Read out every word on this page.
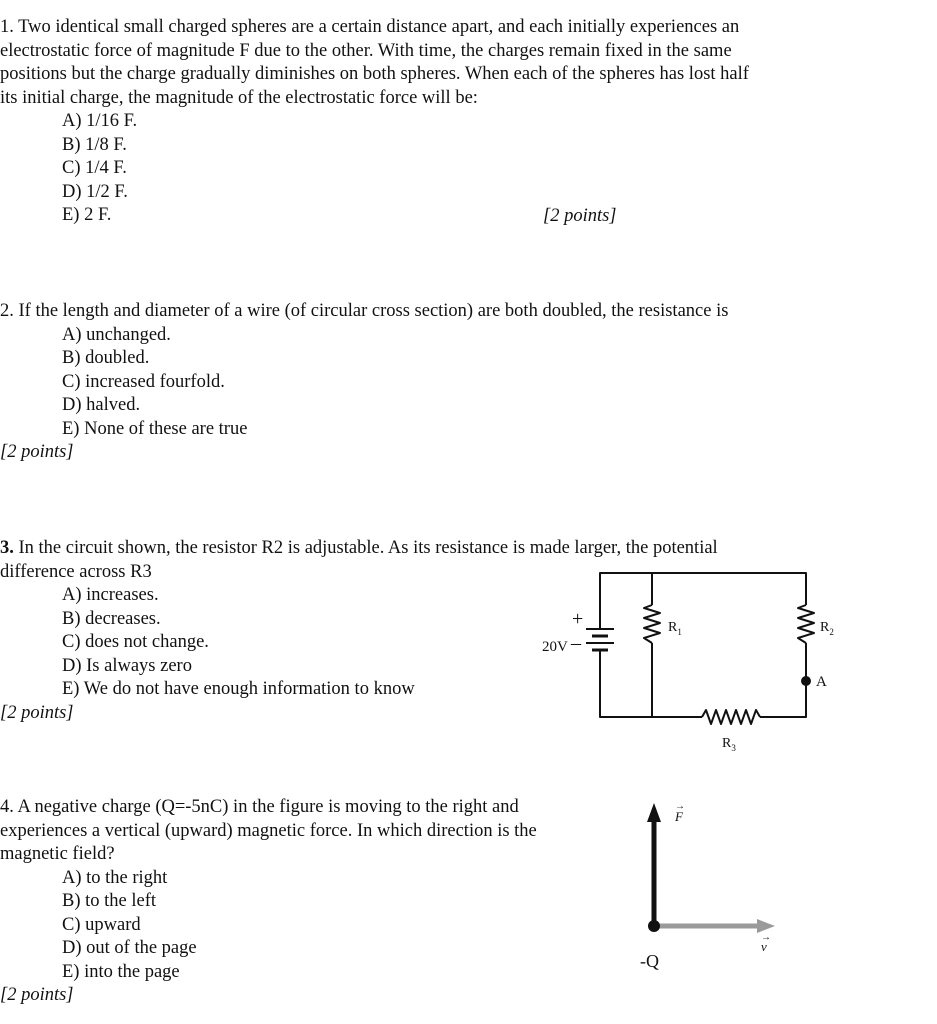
1. Two identical small charged spheres are a certain distance apart, and each initially experiences an
electrostatic force of magnitude F due to the other. With time, the charges remain fixed in the same
positions but the charge gradually diminishes on both spheres. When each of the spheres has lost half
its initial charge, the magnitude of the electrostatic force will be:
A) 1/16 F.
B) 1/8 F.
C) 1/4 F.
D) 1/2 F.
E) 2 F.	[2 points]
2. If the length and diameter of a wire (of circular cross section) are both doubled, the resistance is
A) unchanged.
B) doubled.
C) increased fourfold.
D) halved.
E) None of these are true
[2 points]
3. In the circuit shown, the resistor R2 is adjustable. As its resistance is made larger, the potential
difference across R3
A) increases.
B) decreases.
C) does not change.
D) Is always zero
E) We do not have enough information to know
[2 points]
+
–
20V
$R_1$	$R_2$
$R_3$
A
4. A negative charge (Q=-5nC) in the figure is moving to the right and
experiences a vertical (upward) magnetic force. In which direction is the
magnetic field?
A) to the right
B) to the left
C) upward
D) out of the page
E) into the page
[2 points]
F
→
v
→
-Q
